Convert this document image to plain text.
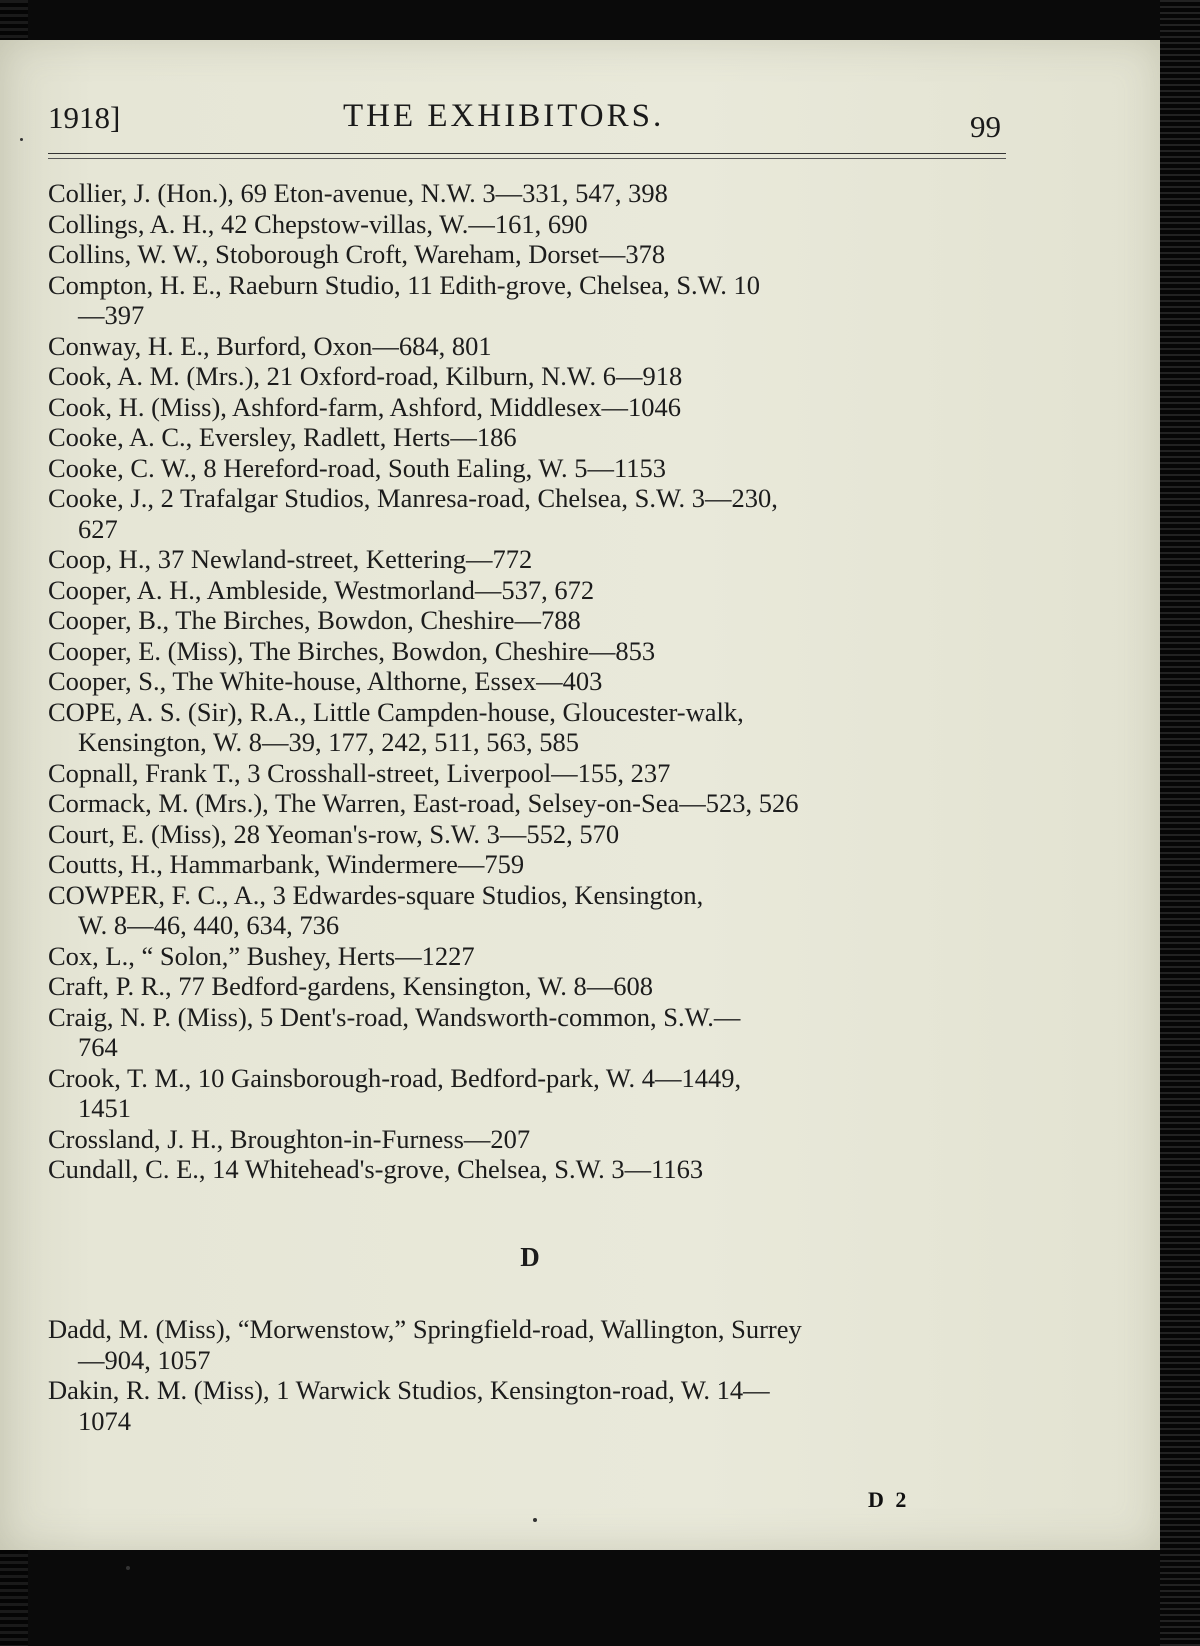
1918]	THE EXHIBITORS.	99
Collier, J. (Hon.), 69 Eton-avenue, N.W. 3—331, 547, 398
Collings, A. H., 42 Chepstow-villas, W.—161, 690
Collins, W. W., Stoborough Croft, Wareham, Dorset—378
Compton, H. E., Raeburn Studio, 11 Edith-grove, Chelsea, S.W. 10
—397
Conway, H. E., Burford, Oxon—684, 801
Cook, A. M. (Mrs.), 21 Oxford-road, Kilburn, N.W. 6—918
Cook, H. (Miss), Ashford-farm, Ashford, Middlesex—1046
Cooke, A. C., Eversley, Radlett, Herts—186
Cooke, C. W., 8 Hereford-road, South Ealing, W. 5—1153
Cooke, J., 2 Trafalgar Studios, Manresa-road, Chelsea, S.W. 3—230,
627
Coop, H., 37 Newland-street, Kettering—772
Cooper, A. H., Ambleside, Westmorland—537, 672
Cooper, B., The Birches, Bowdon, Cheshire—788
Cooper, E. (Miss), The Birches, Bowdon, Cheshire—853
Cooper, S., The White-house, Althorne, Essex—403
COPE, A. S. (Sir), R.A., Little Campden-house, Gloucester-walk,
Kensington, W. 8—39, 177, 242, 511, 563, 585
Copnall, Frank T., 3 Crosshall-street, Liverpool—155, 237
Cormack, M. (Mrs.), The Warren, East-road, Selsey-on-Sea—523, 526
Court, E. (Miss), 28 Yeoman's-row, S.W. 3—552, 570
Coutts, H., Hammarbank, Windermere—759
COWPER, F. C., A., 3 Edwardes-square Studios, Kensington,
W. 8—46, 440, 634, 736
Cox, L., “ Solon,” Bushey, Herts—1227
Craft, P. R., 77 Bedford-gardens, Kensington, W. 8—608
Craig, N. P. (Miss), 5 Dent's-road, Wandsworth-common, S.W.—
764
Crook, T. M., 10 Gainsborough-road, Bedford-park, W. 4—1449,
1451
Crossland, J. H., Broughton-in-Furness—207
Cundall, C. E., 14 Whitehead's-grove, Chelsea, S.W. 3—1163
D
Dadd, M. (Miss), “Morwenstow,” Springfield-road, Wallington, Surrey
—904, 1057
Dakin, R. M. (Miss), 1 Warwick Studios, Kensington-road, W. 14—
1074
D 2
